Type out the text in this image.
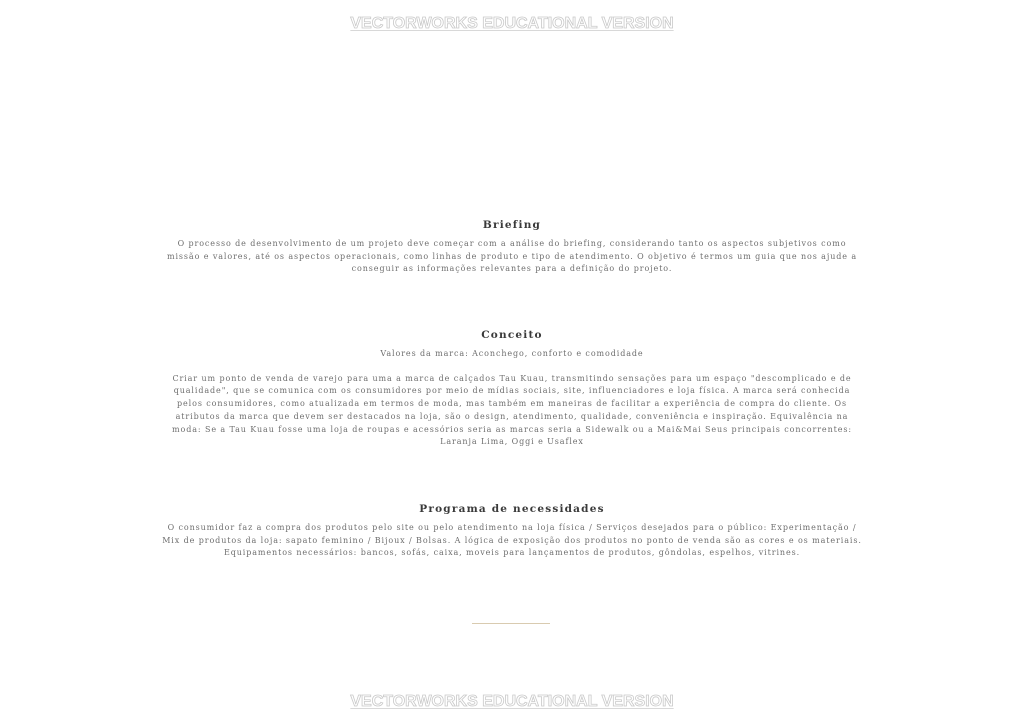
VECTORWORKS EDUCATIONAL VERSION
Briefing

O processo de desenvolvimento de um projeto deve começar com a análise do briefing, considerando tanto os aspectos subjetivos como missão e valores, até os aspectos operacionais, como linhas de produto e tipo de atendimento. O objetivo é termos um guia que nos ajude a conseguir as informações relevantes para a definição do projeto.

Conceito

Valores da marca: Aconchego, conforto e comodidade

Criar um ponto de venda de varejo para uma a marca de calçados Tau Kuau, transmitindo sensações para um espaço "descomplicado e de qualidade", que se comunica com os consumidores por meio de mídias sociais, site, influenciadores e loja física. A marca será conhecida pelos consumidores, como atualizada em termos de moda, mas também em maneiras de facilitar a experiência de compra do cliente. Os atributos da marca que devem ser destacados na loja, são o design, atendimento, qualidade, conveniência e inspiração. Equivalência na moda: Se a Tau Kuau fosse uma loja de roupas e acessórios seria as marcas seria a Sidewalk ou a Mai&Mai Seus principais concorrentes: Laranja Lima, Oggi e Usaflex

Programa de necessidades

O consumidor faz a compra dos produtos pelo site ou pelo atendimento na loja física / Serviços desejados para o público: Experimentação / Mix de produtos da loja: sapato feminino / Bijoux / Bolsas. A lógica de exposição dos produtos no ponto de venda são as cores e os materiais. Equipamentos necessários: bancos, sofás, caixa, moveis para lançamentos de produtos, gôndolas, espelhos, vitrines.

VECTORWORKS EDUCATIONAL VERSION
